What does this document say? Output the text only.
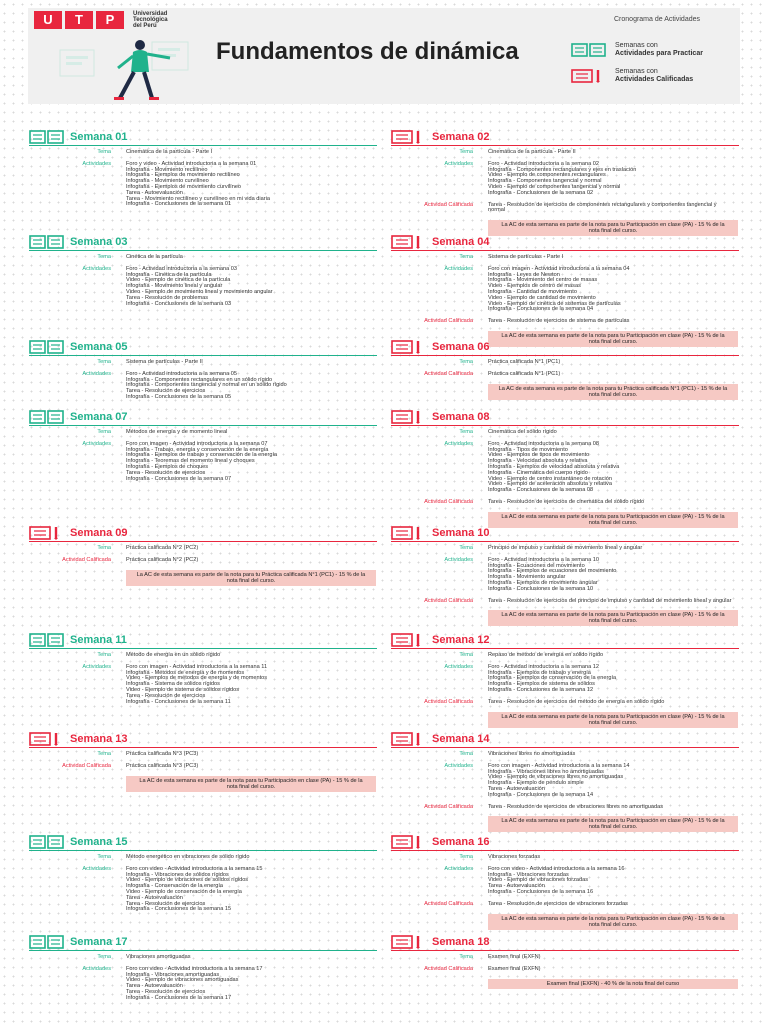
U	T	P	Universidad
Tecnológica
del Perú
Cronograma de Actividades
Fundamentos de dinámica	Semanas con
Actividades para Practicar
Semanas con
Actividades Calificadas
Semana 01
Tema	Cinemática de la partícula - Parte I
Actividades	Foro y video - Actividad introductoria a la semana 01
Infografía - Movimiento rectilíneo
Infografía - Ejemplos de movimiento rectilíneo
Infografía - Movimiento curvilíneo
Infografía - Ejemplos de movimiento curvilíneo
Tarea - Autoevaluación
Tarea - Movimiento rectilíneo y curvilíneo en mi vida diaria
Infografía - Conclusiones de la semana 01
Semana 02
Tema	Cinemática de la partícula - Parte II
Actividades	Foro - Actividad introductoria a la semana 02
Infografía - Componentes rectangulares y ejes en traslación
Video - Ejemplo de componentes rectangulares
Infografía - Componentes tangencial y normal
Video - Ejemplo de componentes tangencial y normal
Infografía - Conclusiones de la semana 02
Actividad Calificada	Tarea - Resolución de ejercicios de componentes rectangulares y componentes tangencial y normal
La AC de esta semana es parte de la nota para tu Participación en clase (PA) - 15 % de la nota final del curso.
Semana 03
Tema	Cinética de la partícula
Actividades	Foro - Actividad introductoria a la semana 03
Infografía - Cinética de la partícula
Video - Ejemplo de cinética de la partícula
Infografía - Movimiento lineal y angular
Video - Ejemplo de movimiento lineal y movimiento angular
Tarea - Resolución de problemas
Infografía - Conclusiones de la semana 03
Semana 04
Tema	Sistema de partículas - Parte I
Actividades	Foro con imagen - Actividad introductoria a la semana 04
Infografía - Leyes de Newton
Infografía - Movimiento del centro de masas
Video - Ejemplos de centro de masas
Infografía - Cantidad de movimiento
Video - Ejemplo de cantidad de movimiento
Video - Ejemplo de cinética de sistemas de partículas
Infografía - Conclusiones de la semana 04
Actividad Calificada	Tarea - Resolución de ejercicios de sistema de partículas
La AC de esta semana es parte de la nota para tu Participación en clase (PA) - 15 % de la nota final del curso.
Semana 05
Tema	Sistema de partículas - Parte II
Actividades	Foro - Actividad introductoria a la semana 05
Infografía - Componentes rectangulares en un sólido rígido
Infografía - Componentes tangencial y normal en un sólido rígido
Tarea - Resolución de ejercicios
Infografía - Conclusiones de la semana 05
Semana 06
Tema	Práctica calificada N°1 (PC1)
Actividad Calificada	Práctica calificada N°1 (PC1)
La AC de esta semana es parte de la nota para tu Práctica calificada N°1 (PC1) - 15 % de la nota final del curso.
Semana 07
Tema	Métodos de energía y de momento lineal
Actividades	Foro con imagen - Actividad introductoria a la semana 07
Infografía - Trabajo, energía y conservación de la energía
Infografía - Ejemplos de trabajo y conservación de la energía
Infografía - Teoremas del momento lineal y choques
Infografía - Ejemplos de choques
Tarea - Resolución de ejercicios
Infografía - Conclusiones de la semana 07
Semana 08
Tema	Cinemática del sólido rígido
Actividades	Foro - Actividad introductoria a la semana 08
Infografía - Tipos de movimiento
Video - Ejemplos de tipos de movimiento
Infografía - Velocidad absoluta y relativa
Infografía - Ejemplos de velocidad absoluta y relativa
Infografía - Cinemática del cuerpo rígido
Video - Ejemplo de centro instantáneo de rotación
Video - Ejemplo de aceleración absoluta y relativa
Infografía - Conclusiones de la semana 08
Actividad Calificada	Tarea - Resolución de ejercicios de cinemática del sólido rígido
La AC de esta semana es parte de la nota para tu Participación en clase (PA) - 15 % de la nota final del curso.
Semana 09
Tema	Práctica calificada N°2 (PC2)
Actividad Calificada	Práctica calificada N°2 (PC2)
La AC de esta semana es parte de la nota para tu Práctica calificada N°1 (PC1) - 15 % de la nota final del curso.
Semana 10
Tema	Principio de impulso y cantidad de movimiento lineal y angular
Actividades	Foro - Actividad introductoria a la semana 10
Infografía - Ecuaciones del movimiento
Infografía - Ejemplos de ecuaciones del movimiento
Infografía - Movimiento angular
Infografía - Ejemplos de movimiento angular
Infografía - Conclusiones de la semana 10
Actividad Calificada	Tarea - Resolución de ejercicios del principio de impulso y cantidad de movimiento lineal y angular
La AC de esta semana es parte de la nota para tu Participación en clase (PA) - 15 % de la nota final del curso.
Semana 11
Tema	Método de energía en un sólido rígido
Actividades	Foro con imagen - Actividad introductoria a la semana 11
Infografía - Métodos de energía y de momentos
Video - Ejemplos de métodos de energía y de momentos
Infografía - Sistema de sólidos rígidos
Video - Ejemplo de sistema de sólidos rígidos
Tarea - Resolución de ejercicios
Infografía - Conclusiones de la semana 11
Semana 12
Tema	Repaso de método de energía en sólido rígido
Actividades	Foro - Actividad introductoria a la semana 12
Infografía - Ejemplos de trabajo y energía
Infografía - Ejemplos de conservación de la energía
Infografía - Ejemplos de sistema de sólidos
Infografía - Conclusiones de la semana 12
Actividad Calificada	Tarea - Resolución de ejercicios del método de energía en sólido rígido
La AC de esta semana es parte de la nota para tu Participación en clase (PA) - 15 % de la nota final del curso.
Semana 13
Tema	Práctica calificada N°3 (PC3)
Actividad Calificada	Práctica calificada N°3 (PC3)
La AC de esta semana es parte de la nota para tu Participación en clase (PA) - 15 % de la nota final del curso.
Semana 14
Tema	Vibraciones libres no amortiguadas
Actividades	Foro con imagen - Actividad introductoria a la semana 14
Infografía - Vibraciones libres no amortiguadas
Video - Ejemplo de vibraciones libres no amortiguadas
Infografía - Ejemplo de péndulo simple
Tarea - Autoevaluación
Infografía - Conclusiones de la semana 14
Actividad Calificada	Tarea - Resolución de ejercicios de vibraciones libres no amortiguadas
La AC de esta semana es parte de la nota para tu Participación en clase (PA) - 15 % de la nota final del curso.
Semana 15
Tema	Método energético en vibraciones de sólido rígido
Actividades	Foro con video - Actividad introductoria a la semana 15
Infografía - Vibraciones de sólidos rígidos
Video - Ejemplo de vibraciones de sólidos rígidos
Infografía - Conservación de la energía
Video - Ejemplo de conservación de la energía
Tarea - Autoevaluación
Tarea - Resolución de ejercicios
Infografía - Conclusiones de la semana 15
Semana 16
Tema	Vibraciones forzadas
Actividades	Foro con video - Actividad introductoria a la semana 16
Infografía - Vibraciones forzadas
Video - Ejemplo de vibraciones forzadas
Tarea - Autoevaluación
Infografía - Conclusiones de la semana 16
Actividad Calificada	Tarea - Resolución de ejercicios de vibraciones forzadas
La AC de esta semana es parte de la nota para tu Participación en clase (PA) - 15 % de la nota final del curso.
Semana 17
Tema	Vibraciones amortiguadas
Actividades	Foro con video - Actividad introductoria a la semana 17
Infografía - Vibraciones amortiguadas
Video - Ejemplo de vibraciones amortiguadas
Tarea - Autoevaluación
Tarea - Resolución de ejercicios
Infografía - Conclusiones de la semana 17
Semana 18
Tema	Examen final (EXFN)
Actividad Calificada	Examen final (EXFN)
Examen final (EXFN) - 40 % de la nota final del curso
